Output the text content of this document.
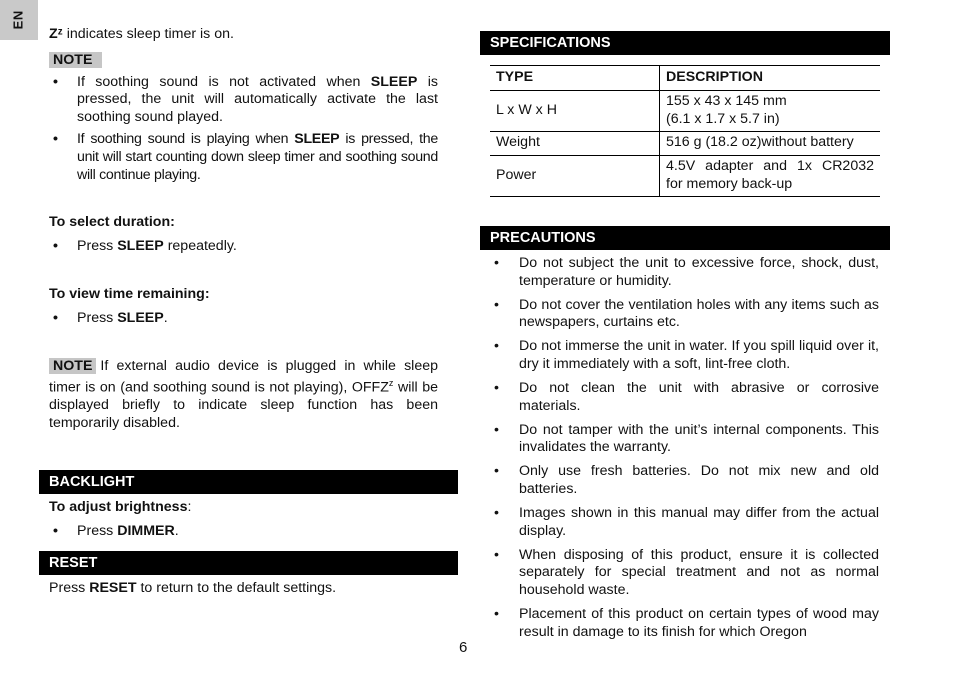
EN

Zᶻ indicates sleep timer is on.

NOTE
• If soothing sound is not activated when SLEEP is pressed, the unit will automatically activate the last soothing sound played.
• If soothing sound is playing when SLEEP is pressed, the unit will start counting down sleep timer and soothing sound will continue playing.

To select duration:

• Press SLEEP repeatedly.

To view time remaining:

• Press SLEEP.

NOTE If external audio device is plugged in while sleep timer is on (and soothing sound is not playing), OFFZ$^z$ will be displayed briefly to indicate sleep function has been temporarily disabled.

BACKLIGHT

To adjust brightness:

• Press DIMMER.
RESET

Press RESET to return to the default settings.

SPECIFICATIONS
TYPE	DESCRIPTION
L x W x H	155 x 43 x 145 mm
(6.1 x 1.7 x 5.7 in)

Weight	516 g (18.2 oz)without battery
Power	4.5V adapter and 1x CR2032
for memory back-up
PRECAUTIONS
• Do not subject the unit to excessive force, shock, dust, temperature or humidity.
• Do not cover the ventilation holes with any items such as newspapers, curtains etc.
• Do not immerse the unit in water. If you spill liquid over it, dry it immediately with a soft, lint-free cloth.
• Do not clean the unit with abrasive or corrosive materials.
• Do not tamper with the unit’s internal components. This invalidates the warranty.
• Only use fresh batteries. Do not mix new and old batteries.
• Images shown in this manual may differ from the actual display.
• When disposing of this product, ensure it is collected separately for special treatment and not as normal household waste.
• Placement of this product on certain types of wood may result in damage to its finish for which Oregon
6
